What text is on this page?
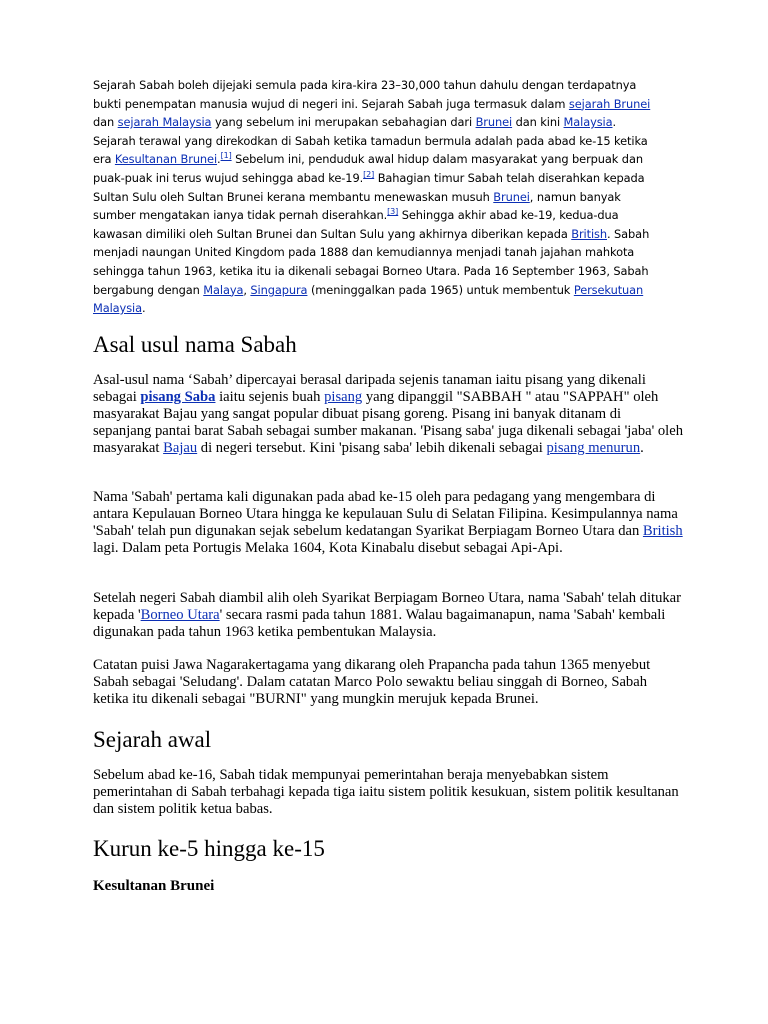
Sejarah Sabah boleh dijejaki semula pada kira-kira 23–30,000 tahun dahulu dengan terdapatnya bukti penempatan manusia wujud di negeri ini. Sejarah Sabah juga termasuk dalam sejarah Brunei dan sejarah Malaysia yang sebelum ini merupakan sebahagian dari Brunei dan kini Malaysia. Sejarah terawal yang direkodkan di Sabah ketika tamadun bermula adalah pada abad ke-15 ketika era Kesultanan Brunei.[1] Sebelum ini, penduduk awal hidup dalam masyarakat yang berpuak dan puak-puak ini terus wujud sehingga abad ke-19.[2] Bahagian timur Sabah telah diserahkan kepada Sultan Sulu oleh Sultan Brunei kerana membantu menewaskan musuh Brunei, namun banyak sumber mengatakan ianya tidak pernah diserahkan.[3] Sehingga akhir abad ke-19, kedua-dua kawasan dimiliki oleh Sultan Brunei dan Sultan Sulu yang akhirnya diberikan kepada British. Sabah menjadi naungan United Kingdom pada 1888 dan kemudiannya menjadi tanah jajahan mahkota sehingga tahun 1963, ketika itu ia dikenali sebagai Borneo Utara. Pada 16 September 1963, Sabah bergabung dengan Malaya, Singapura (meninggalkan pada 1965) untuk membentuk Persekutuan Malaysia.

Asal usul nama Sabah

Asal-usul nama ‘Sabah’ dipercayai berasal daripada sejenis tanaman iaitu pisang yang dikenali sebagai pisang Saba iaitu sejenis buah pisang yang dipanggil "SABBAH " atau "SAPPAH" oleh masyarakat Bajau yang sangat popular dibuat pisang goreng. Pisang ini banyak ditanam di sepanjang pantai barat Sabah sebagai sumber makanan. 'Pisang saba' juga dikenali sebagai 'jaba' oleh masyarakat Bajau di negeri tersebut. Kini 'pisang saba' lebih dikenali sebagai pisang menurun.

Nama 'Sabah' pertama kali digunakan pada abad ke-15 oleh para pedagang yang mengembara di antara Kepulauan Borneo Utara hingga ke kepulauan Sulu di Selatan Filipina. Kesimpulannya nama 'Sabah' telah pun digunakan sejak sebelum kedatangan Syarikat Berpiagam Borneo Utara dan British lagi. Dalam peta Portugis Melaka 1604, Kota Kinabalu disebut sebagai Api-Api.

Setelah negeri Sabah diambil alih oleh Syarikat Berpiagam Borneo Utara, nama 'Sabah' telah ditukar kepada 'Borneo Utara' secara rasmi pada tahun 1881. Walau bagaimanapun, nama 'Sabah' kembali digunakan pada tahun 1963 ketika pembentukan Malaysia.

Catatan puisi Jawa Nagarakertagama yang dikarang oleh Prapancha pada tahun 1365 menyebut Sabah sebagai 'Seludang'. Dalam catatan Marco Polo sewaktu beliau singgah di Borneo, Sabah ketika itu dikenali sebagai "BURNI" yang mungkin merujuk kepada Brunei.

Sejarah awal

Sebelum abad ke-16, Sabah tidak mempunyai pemerintahan beraja menyebabkan sistem pemerintahan di Sabah terbahagi kepada tiga iaitu sistem politik kesukuan, sistem politik kesultanan dan sistem politik ketua babas.

Kurun ke-5 hingga ke-15
Kesultanan Brunei
